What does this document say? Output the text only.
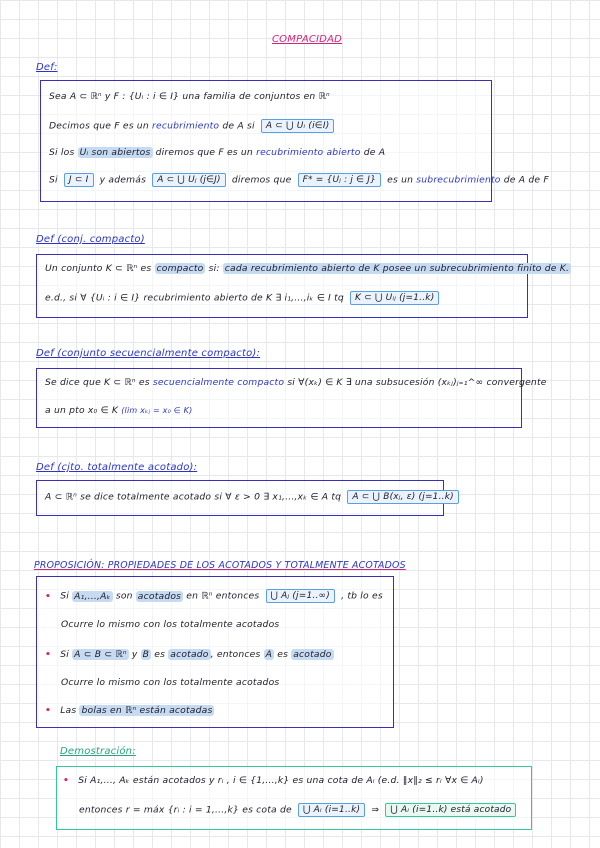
COMPACIDAD
Def:
Sea A ⊂ ℝⁿ y F : {Uᵢ : i ∈ I} una familia de conjuntos en ℝⁿ
Decimos que F es un recubrimiento de A si A ⊂ ⋃ Uᵢ (i∈I)
Si los Uᵢ son abiertos diremos que F es un recubrimiento abierto de A
Si J ⊂ I y además A ⊂ ⋃ Uⱼ (j∈J) diremos que F* = {Uⱼ : j ∈ J} es un subrecubrimiento de A de F
Def (conj. compacto)
Un conjunto K ⊂ ℝⁿ es compacto si: cada recubrimiento abierto de K posee un subrecubrimiento finito de K.
e.d., si ∀ {Uᵢ : i ∈ I} recubrimiento abierto de K ∃ i₁,...,iₖ ∈ I tq K ⊂ ⋃ Uᵢⱼ (j=1..k)
Def (conjunto secuencialmente compacto):
Se dice que K ⊂ ℝⁿ es secuencialmente compacto si ∀(xₖ) ∈ K ∃ una subsucesión (xₖⱼ)ⱼ₌₁^∞ convergente
a un pto x₀ ∈ K (lim xₖⱼ = x₀ ∈ K)
Def (cjto. totalmente acotado):
A ⊂ ℝⁿ se dice totalmente acotado si ∀ ε > 0 ∃ x₁,...,xₖ ∈ A tq A ⊂ ⋃ B(xⱼ, ε) (j=1..k)
PROPOSICIÓN: PROPIEDADES DE LOS ACOTADOS Y TOTALMENTE ACOTADOS
• Si A₁,...,Aₖ son acotados en ℝⁿ entonces ⋃ Aⱼ (j=1..∞) , tb lo es
Ocurre lo mismo con los totalmente acotados
• Si A ⊂ B ⊂ ℝⁿ y B es acotado , entonces A es acotado
Ocurre lo mismo con los totalmente acotados
• Las bolas en ℝⁿ están acotadas
Demostración:
• Si A₁,..., Aₖ están acotados y rᵢ , i ∈ {1,...,k} es una cota de Aᵢ (e.d. ‖x‖₂ ≤ rᵢ ∀x ∈ Aᵢ)
entonces r = máx {rᵢ : i = 1,...,k} es cota de ⋃ Aᵢ (i=1..k) ⇒ ⋃ Aᵢ (i=1..k) está acotado
